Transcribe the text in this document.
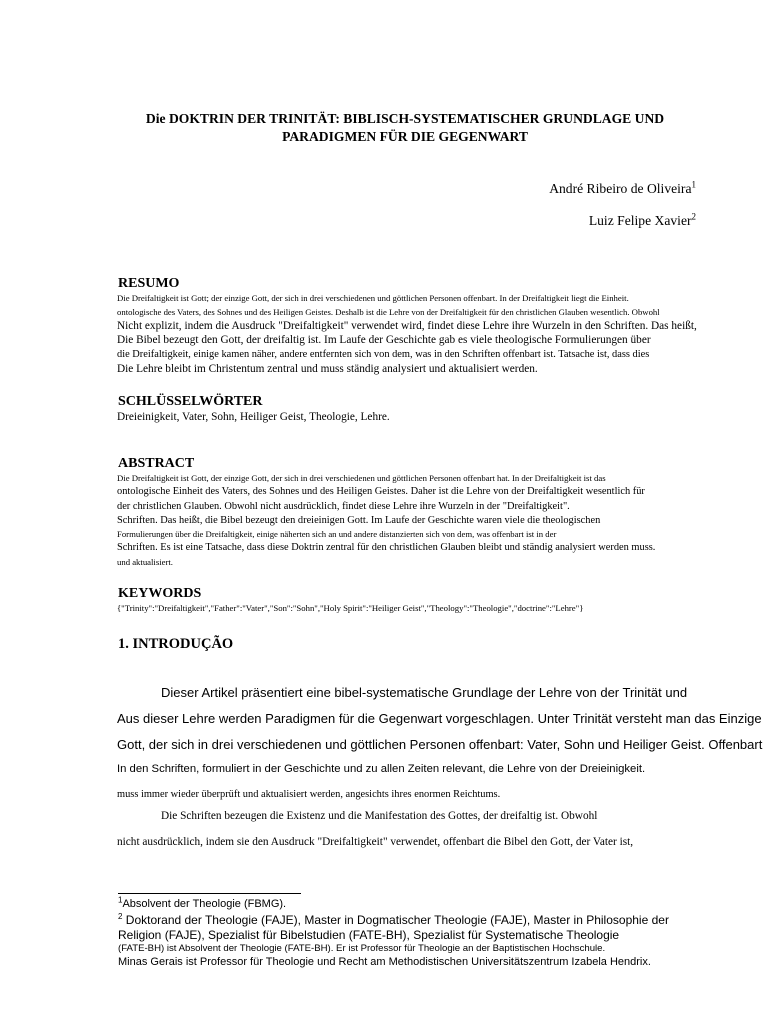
Die DOKTRIN DER TRINITÄT: BIBLISCH-SYSTEMATISCHER GRUNDLAGE UND
PARADIGMEN FÜR DIE GEGENWART
André Ribeiro de Oliveira$^1$
Luiz Felipe Xavier$^2$
RESUMO
Die Dreifaltigkeit ist Gott; der einzige Gott, der sich in drei verschiedenen und göttlichen Personen offenbart. In der Dreifaltigkeit liegt die Einheit.
ontologische des Vaters, des Sohnes und des Heiligen Geistes. Deshalb ist die Lehre von der Dreifaltigkeit für den christlichen Glauben wesentlich. Obwohl
Nicht explizit, indem die Ausdruck "Dreifaltigkeit" verwendet wird, findet diese Lehre ihre Wurzeln in den Schriften. Das heißt,
Die Bibel bezeugt den Gott, der dreifaltig ist. Im Laufe der Geschichte gab es viele theologische Formulierungen über
die Dreifaltigkeit, einige kamen näher, andere entfernten sich von dem, was in den Schriften offenbart ist. Tatsache ist, dass dies
Die Lehre bleibt im Christentum zentral und muss ständig analysiert und aktualisiert werden.
SCHLÜSSELWÖRTER
Dreieinigkeit, Vater, Sohn, Heiliger Geist, Theologie, Lehre.
ABSTRACT
Die Dreifaltigkeit ist Gott, der einzige Gott, der sich in drei verschiedenen und göttlichen Personen offenbart hat. In der Dreifaltigkeit ist das
ontologische Einheit des Vaters, des Sohnes und des Heiligen Geistes. Daher ist die Lehre von der Dreifaltigkeit wesentlich für
der christlichen Glauben. Obwohl nicht ausdrücklich, findet diese Lehre ihre Wurzeln in der "Dreifaltigkeit".
Schriften. Das heißt, die Bibel bezeugt den dreieinigen Gott. Im Laufe der Geschichte waren viele die theologischen
Formulierungen über die Dreifaltigkeit, einige näherten sich an und andere distanzierten sich von dem, was offenbart ist in der
Schriften. Es ist eine Tatsache, dass diese Doktrin zentral für den christlichen Glauben bleibt und ständig analysiert werden muss.
und aktualisiert.
KEYWORDS
{"Trinity":"Dreifaltigkeit","Father":"Vater","Son":"Sohn","Holy Spirit":"Heiliger Geist","Theology":"Theologie","doctrine":"Lehre"}
1. INTRODUÇÃO
Dieser Artikel präsentiert eine bibel-systematische Grundlage der Lehre von der Trinität und
Aus dieser Lehre werden Paradigmen für die Gegenwart vorgeschlagen. Unter Trinität versteht man das Einzige
Gott, der sich in drei verschiedenen und göttlichen Personen offenbart: Vater, Sohn und Heiliger Geist. Offenbart
In den Schriften, formuliert in der Geschichte und zu allen Zeiten relevant, die Lehre von der Dreieinigkeit.
muss immer wieder überprüft und aktualisiert werden, angesichts ihres enormen Reichtums.
Die Schriften bezeugen die Existenz und die Manifestation des Gottes, der dreifaltig ist. Obwohl
nicht ausdrücklich, indem sie den Ausdruck "Dreifaltigkeit" verwendet, offenbart die Bibel den Gott, der Vater ist,
$^1$Absolvent der Theologie (FBMG).
$^2$ Doktorand der Theologie (FAJE), Master in Dogmatischer Theologie (FAJE), Master in Philosophie der
Religion (FAJE), Spezialist für Bibelstudien (FATE-BH), Spezialist für Systematische Theologie
(FATE-BH) ist Absolvent der Theologie (FATE-BH). Er ist Professor für Theologie an der Baptistischen Hochschule.
Minas Gerais ist Professor für Theologie und Recht am Methodistischen Universitätszentrum Izabela Hendrix.
